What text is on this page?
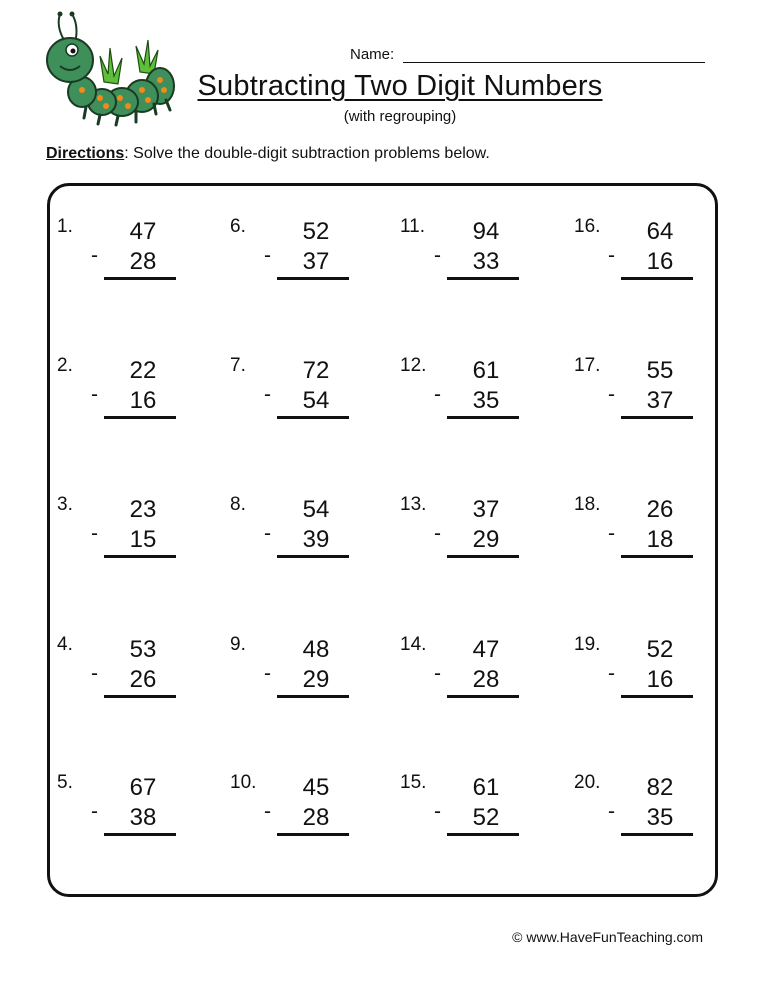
Name:
Subtracting Two Digit Numbers
(with regrouping)
Directions: Solve the double-digit subtraction problems below.
1.	47
-	28
2.	22
-	16
3.	23
-	15
4.	53
-	26
5.	67
-	38
6.	52
-	37
7.	72
-	54
8.	54
-	39
9.	48
-	29
10.	45
-	28
11.	94
-	33
12.	61
-	35
13.	37
-	29
14.	47
-	28
15.	61
-	52
16.	64
-	16
17.	55
-	37
18.	26
-	18
19.	52
-	16
20.	82
-	35
© www.HaveFunTeaching.com
